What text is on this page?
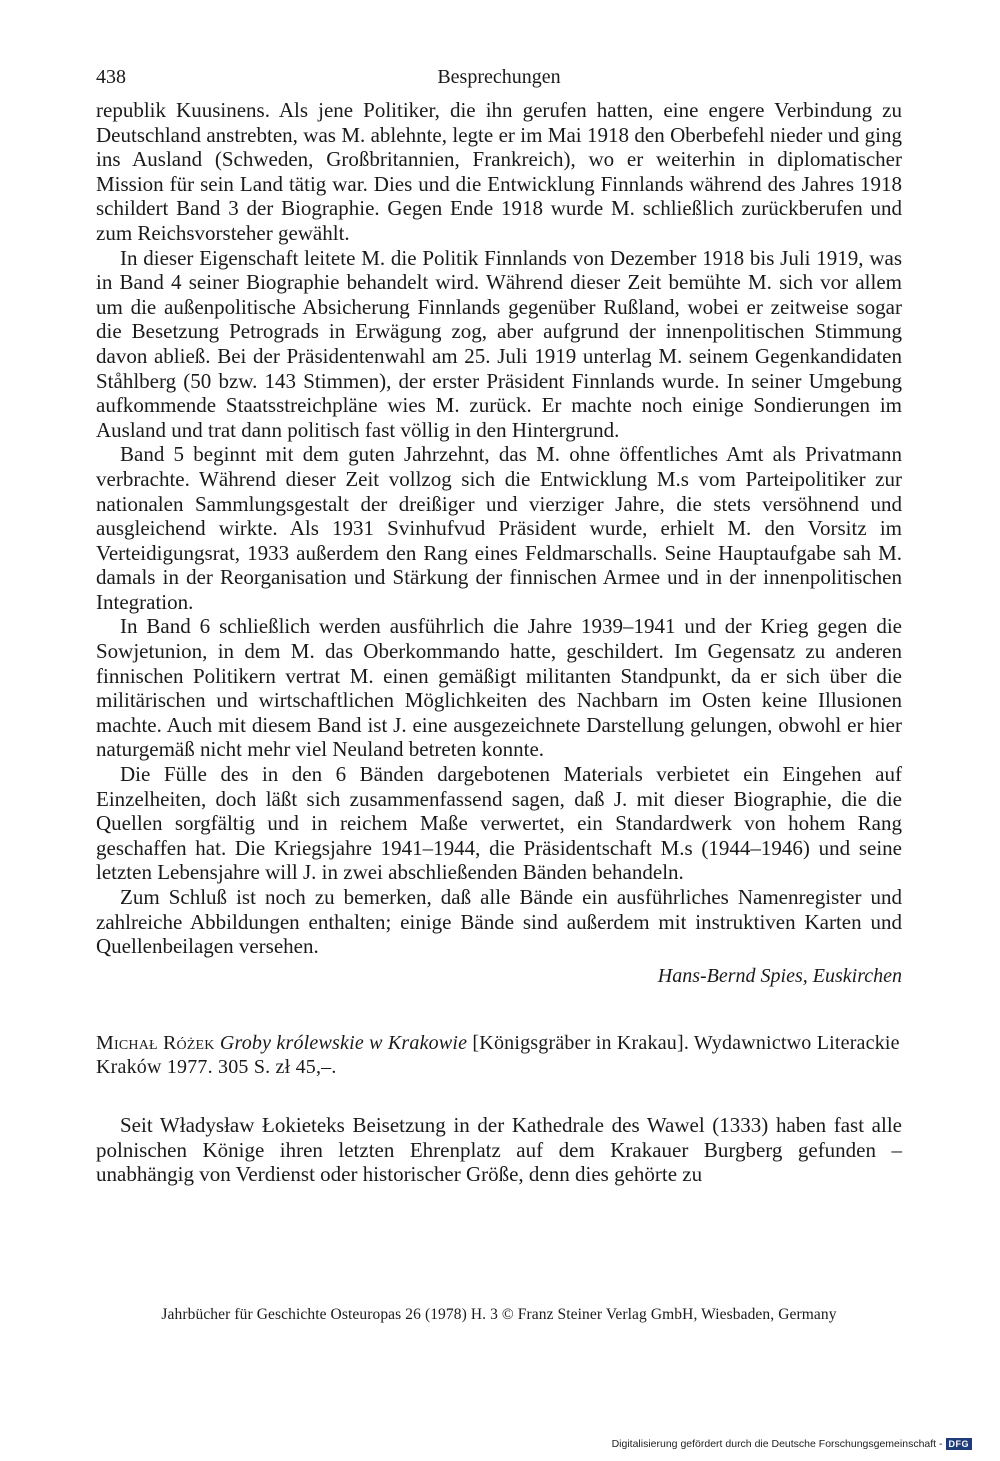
438	Besprechungen

republik Kuusinens. Als jene Politiker, die ihn gerufen hatten, eine engere Verbindung zu Deutschland anstrebten, was M. ablehnte, legte er im Mai 1918 den Oberbefehl nieder und ging ins Ausland (Schweden, Großbritannien, Frankreich), wo er weiterhin in diplomatischer Mission für sein Land tätig war. Dies und die Entwicklung Finnlands während des Jahres 1918 schildert Band 3 der Biographie. Gegen Ende 1918 wurde M. schließlich zurückberufen und zum Reichsvorsteher gewählt.

In dieser Eigenschaft leitete M. die Politik Finnlands von Dezember 1918 bis Juli 1919, was in Band 4 seiner Biographie behandelt wird. Während dieser Zeit bemühte M. sich vor allem um die außenpolitische Absicherung Finnlands gegenüber Rußland, wobei er zeitweise sogar die Besetzung Petrograds in Erwägung zog, aber aufgrund der innenpolitischen Stimmung davon abließ. Bei der Präsidentenwahl am 25. Juli 1919 unterlag M. seinem Gegenkandidaten Ståhlberg (50 bzw. 143 Stimmen), der erster Präsident Finnlands wurde. In seiner Umgebung aufkommende Staatsstreichpläne wies M. zurück. Er machte noch einige Sondierungen im Ausland und trat dann politisch fast völlig in den Hintergrund.

Band 5 beginnt mit dem guten Jahrzehnt, das M. ohne öffentliches Amt als Privatmann verbrachte. Während dieser Zeit vollzog sich die Entwicklung M.s vom Parteipolitiker zur nationalen Sammlungsgestalt der dreißiger und vierziger Jahre, die stets versöhnend und ausgleichend wirkte. Als 1931 Svinhufvud Präsident wurde, erhielt M. den Vorsitz im Verteidigungsrat, 1933 außerdem den Rang eines Feldmarschalls. Seine Hauptaufgabe sah M. damals in der Reorganisation und Stärkung der finnischen Armee und in der innenpolitischen Integration.

In Band 6 schließlich werden ausführlich die Jahre 1939–1941 und der Krieg gegen die Sowjetunion, in dem M. das Oberkommando hatte, geschildert. Im Gegensatz zu anderen finnischen Politikern vertrat M. einen gemäßigt militanten Standpunkt, da er sich über die militärischen und wirtschaftlichen Möglichkeiten des Nachbarn im Osten keine Illusionen machte. Auch mit diesem Band ist J. eine ausgezeichnete Darstellung gelungen, obwohl er hier naturgemäß nicht mehr viel Neuland betreten konnte.

Die Fülle des in den 6 Bänden dargebotenen Materials verbietet ein Eingehen auf Einzelheiten, doch läßt sich zusammenfassend sagen, daß J. mit dieser Biographie, die die Quellen sorgfältig und in reichem Maße verwertet, ein Standardwerk von hohem Rang geschaffen hat. Die Kriegsjahre 1941–1944, die Präsidentschaft M.s (1944–1946) und seine letzten Lebensjahre will J. in zwei abschließenden Bänden behandeln.

Zum Schluß ist noch zu bemerken, daß alle Bände ein ausführliches Namenregister und zahlreiche Abbildungen enthalten; einige Bände sind außerdem mit instruktiven Karten und Quellenbeilagen versehen.

Hans-Bernd Spies, Euskirchen
Michał Różek Groby królewskie w Krakowie [Königsgräber in Krakau]. Wydawnictwo Literackie Kraków 1977. 305 S. zł 45,–.

Seit Władysław Łokieteks Beisetzung in der Kathedrale des Wawel (1333) haben fast alle polnischen Könige ihren letzten Ehrenplatz auf dem Krakauer Burgberg gefunden – unabhängig von Verdienst oder historischer Größe, denn dies gehörte zu

Jahrbücher für Geschichte Osteuropas 26 (1978) H. 3 © Franz Steiner Verlag GmbH, Wiesbaden, Germany
Digitalisierung gefördert durch die Deutsche Forschungsgemeinschaft - DFG
